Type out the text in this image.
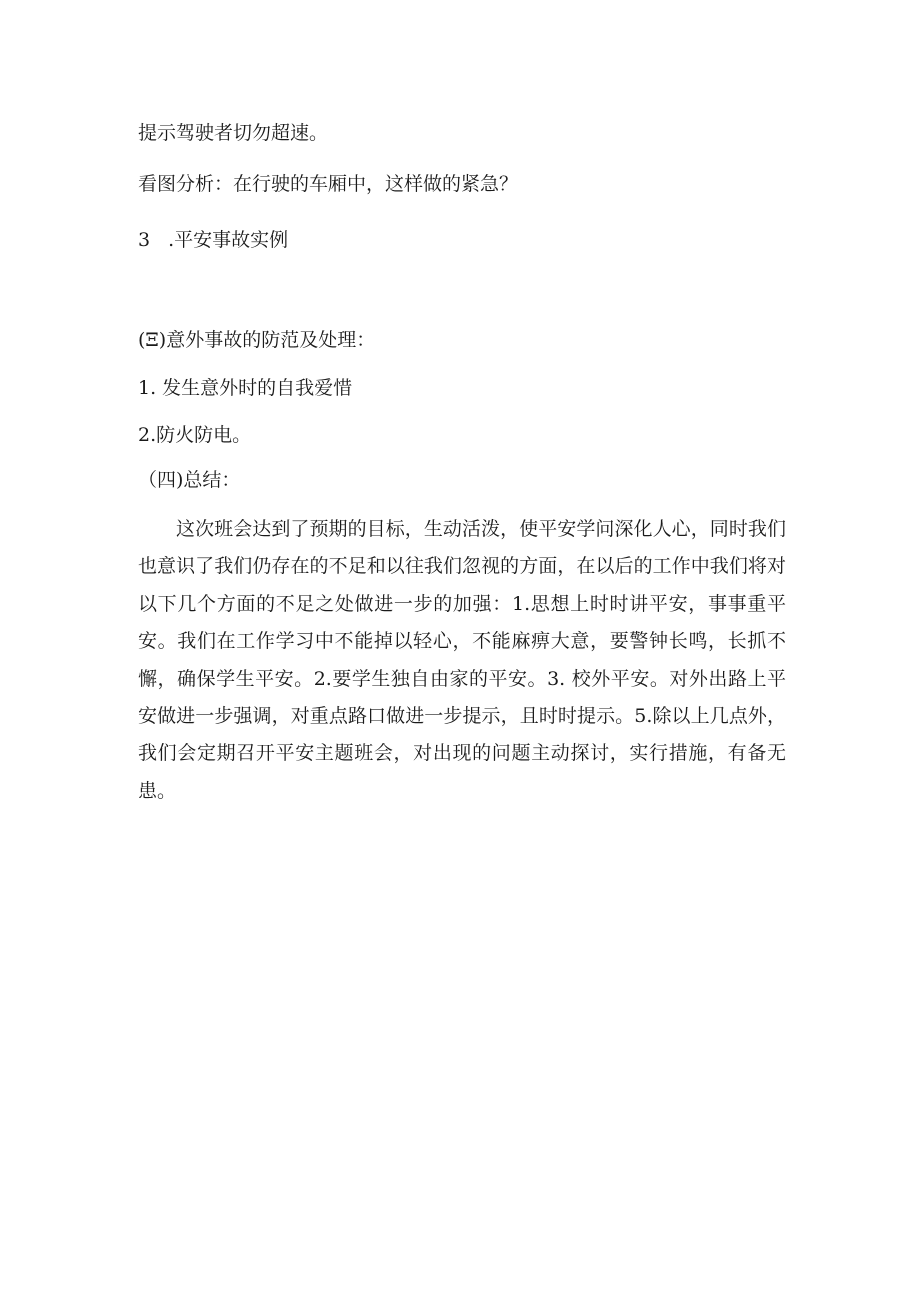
提示驾驶者切勿超速。

看图分析：在行驶的车厢中，这样做的紧急？

3 .平安事故实例

(Ξ)意外事故的防范及处理：

1. 发生意外时的自我爱惜

2.防火防电。

（四)总结：

这次班会达到了预期的目标，生动活泼，使平安学问深化人心，同时我们也意识了我们仍存在的不足和以往我们忽视的方面，在以后的工作中我们将对以下几个方面的不足之处做进一步的加强：1.思想上时时讲平安，事事重平安。我们在工作学习中不能掉以轻心，不能麻痹大意，要警钟长鸣，长抓不懈，确保学生平安。2.要学生独自由家的平安。3. 校外平安。对外出路上平安做进一步强调，对重点路口做进一步提示，且时时提示。5.除以上几点外，我们会定期召开平安主题班会，对出现的问题主动探讨，实行措施，有备无患。
